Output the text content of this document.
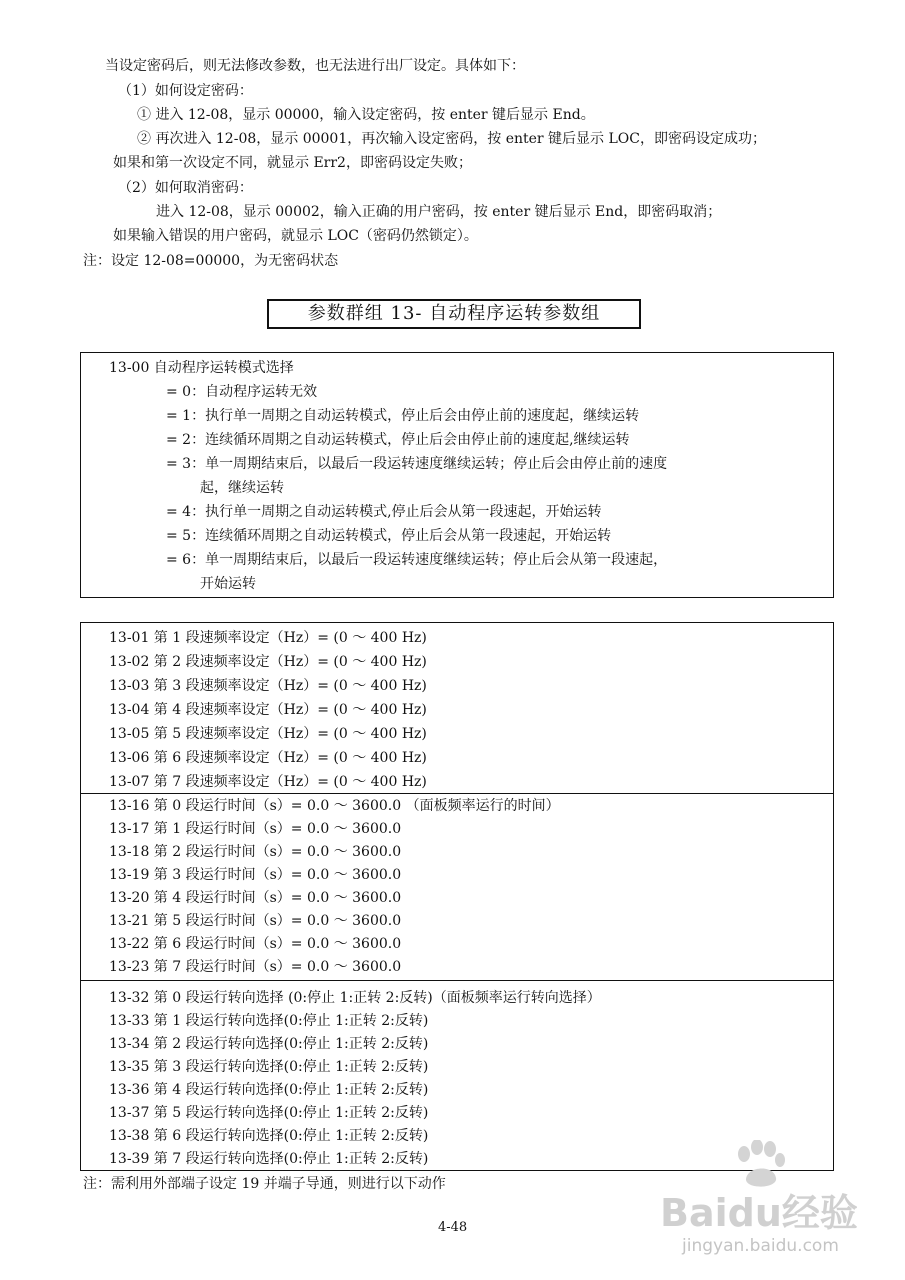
当设定密码后，则无法修改参数，也无法进行出厂设定。具体如下：
（1）如何设定密码：
① 进入 12-08，显示 00000，输入设定密码，按 enter 键后显示 End。
② 再次进入 12-08，显示 00001，再次输入设定密码，按 enter 键后显示 LOC，即密码设定成功；
如果和第一次设定不同，就显示 Err2，即密码设定失败；
（2）如何取消密码：
进入 12-08，显示 00002，输入正确的用户密码，按 enter 键后显示 End，即密码取消；
如果输入错误的用户密码，就显示 LOC（密码仍然锁定）。
注：设定 12-08=00000，为无密码状态
参数群组 13- 自动程序运转参数组
13-00 自动程序运转模式选择
= 0：自动程序运转无效
= 1：执行单一周期之自动运转模式，停止后会由停止前的速度起，继续运转
= 2：连续循环周期之自动运转模式，停止后会由停止前的速度起,继续运转
= 3：单一周期结束后，以最后一段运转速度继续运转；停止后会由停止前的速度
起，继续运转
= 4：执行单一周期之自动运转模式,停止后会从第一段速起，开始运转
= 5：连续循环周期之自动运转模式，停止后会从第一段速起，开始运转
= 6：单一周期结束后，以最后一段运转速度继续运转；停止后会从第一段速起，
开始运转
13-01 第 1 段速频率设定（Hz）= (0 ～ 400 Hz)
13-02 第 2 段速频率设定（Hz）= (0 ～ 400 Hz)
13-03 第 3 段速频率设定（Hz）= (0 ～ 400 Hz)
13-04 第 4 段速频率设定（Hz）= (0 ～ 400 Hz)
13-05 第 5 段速频率设定（Hz）= (0 ～ 400 Hz)
13-06 第 6 段速频率设定（Hz）= (0 ～ 400 Hz)
13-07 第 7 段速频率设定（Hz）= (0 ～ 400 Hz)
13-16 第 0 段运行时间（s）= 0.0 ～ 3600.0 （面板频率运行的时间）
13-17 第 1 段运行时间（s）= 0.0 ～ 3600.0
13-18 第 2 段运行时间（s）= 0.0 ～ 3600.0
13-19 第 3 段运行时间（s）= 0.0 ～ 3600.0
13-20 第 4 段运行时间（s）= 0.0 ～ 3600.0
13-21 第 5 段运行时间（s）= 0.0 ～ 3600.0
13-22 第 6 段运行时间（s）= 0.0 ～ 3600.0
13-23 第 7 段运行时间（s）= 0.0 ～ 3600.0
13-32 第 0 段运行转向选择 (0:停止 1:正转 2:反转)（面板频率运行转向选择）
13-33 第 1 段运行转向选择(0:停止 1:正转 2:反转)
13-34 第 2 段运行转向选择(0:停止 1:正转 2:反转)
13-35 第 3 段运行转向选择(0:停止 1:正转 2:反转)
13-36 第 4 段运行转向选择(0:停止 1:正转 2:反转)
13-37 第 5 段运行转向选择(0:停止 1:正转 2:反转)
13-38 第 6 段运行转向选择(0:停止 1:正转 2:反转)
13-39 第 7 段运行转向选择(0:停止 1:正转 2:反转)
注：需利用外部端子设定 19 并端子导通，则进行以下动作
4-48	Baidu经验
jingyan.baidu.com
